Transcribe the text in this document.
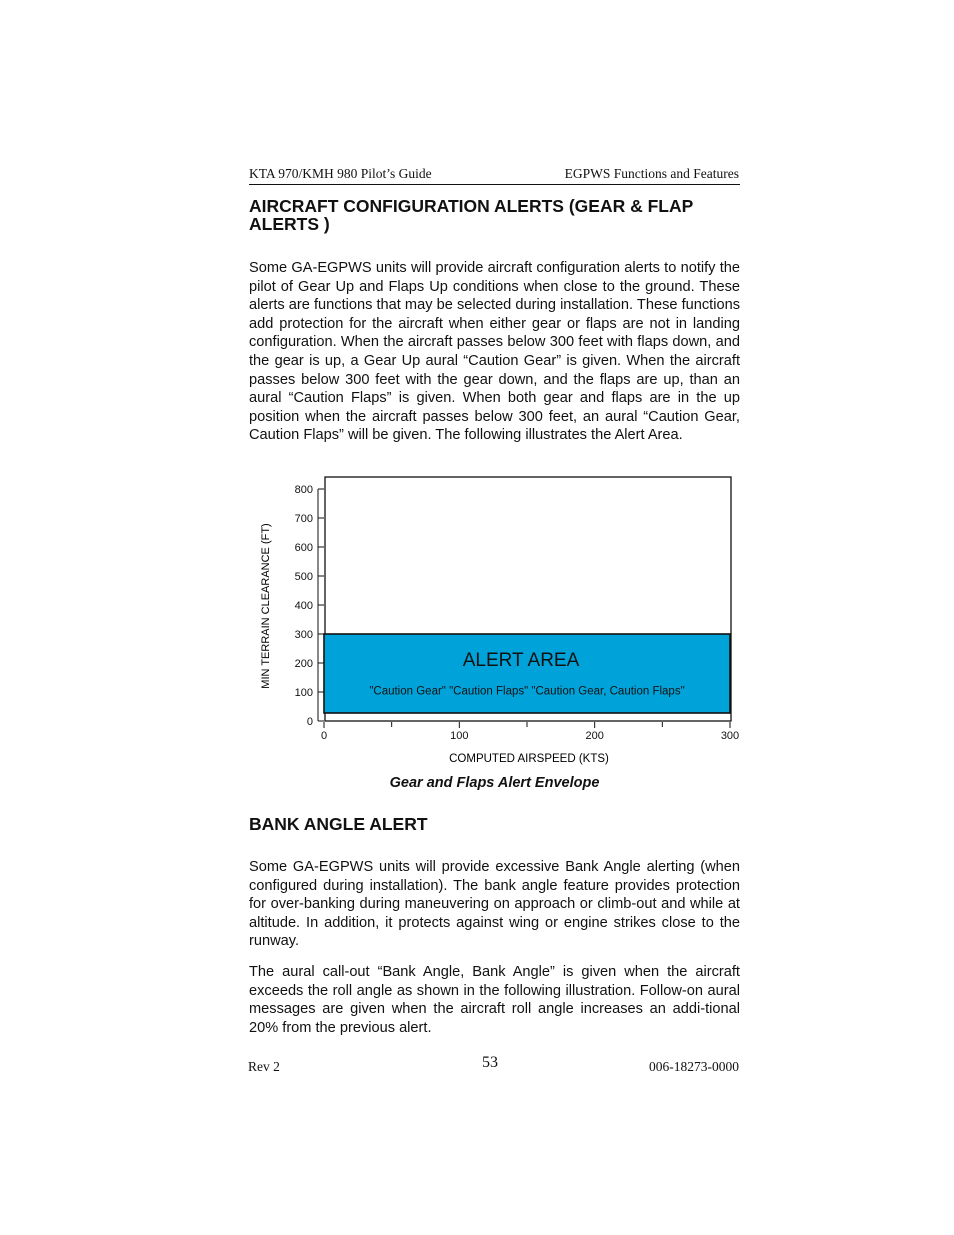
KTA 970/KMH 980 Pilot’s Guide	EGPWS Functions and Features
AIRCRAFT CONFIGURATION ALERTS (GEAR & FLAP ALERTS )

Some GA-EGPWS units will provide aircraft configuration alerts to notify the pilot of Gear Up and Flaps Up conditions when close to the ground. These alerts are functions that may be selected during installation. These functions add protection for the aircraft when either gear or flaps are not in landing configuration. When the aircraft passes below 300 feet with flaps down, and the gear is up, a Gear Up aural “Caution Gear” is given. When the aircraft passes below 300 feet with the gear down, and the flaps are up, than an aural “Caution Flaps” is given. When both gear and flaps are in the up position when the aircraft passes below 300 feet, an aural “Caution Gear, Caution Flaps” will be given. The following illustrates the Alert Area.

ALERT AREA
"Caution Gear" "Caution Flaps" "Caution Gear, Caution Flaps"
0
100
200
300
400
500
600
700
800
0	100	200	300
COMPUTED AIRSPEED (KTS)
MIN TERRAIN CLEARANCE (FT)

Gear and Flaps Alert Envelope

BANK ANGLE ALERT

Some GA-EGPWS units will provide excessive Bank Angle alerting (when configured during installation). The bank angle feature provides protection for over-banking during maneuvering on approach or climb-out and while at altitude. In addition, it protects against wing or engine strikes close to the runway.

The aural call-out “Bank Angle, Bank Angle” is given when the aircraft exceeds the roll angle as shown in the following illustration. Follow-on aural messages are given when the aircraft roll angle increases an addi-tional 20% from the previous alert.

Rev 2	53	006-18273-0000
